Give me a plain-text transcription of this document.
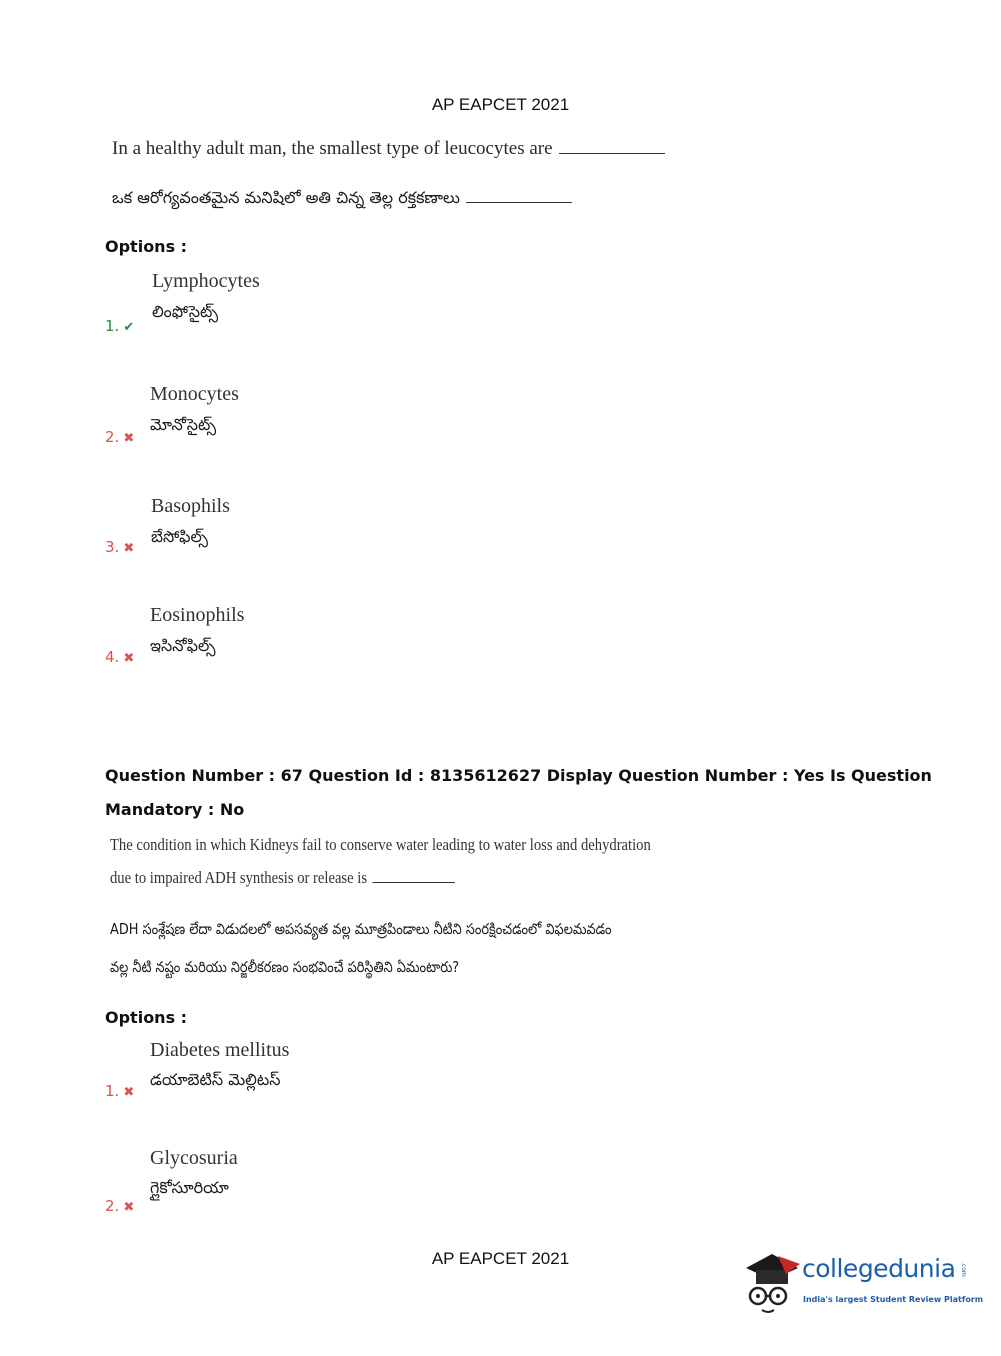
AP EAPCET 2021
In a healthy adult man, the smallest type of leucocytes are
ఒక ఆరోగ్యవంతమైన మనిషిలో అతి చిన్న తెల్ల రక్తకణాలు
Options :
Lymphocytes
లింఫోసైట్స్
1. ✔
Monocytes
మోనోసైట్స్
2. ✖
Basophils
బేసోఫిల్స్
3. ✖
Eosinophils
ఇసినోఫిల్స్
4. ✖
Question Number : 67 Question Id : 8135612627 Display Question Number : Yes Is Question
Mandatory : No
The condition in which Kidneys fail to conserve water leading to water loss and dehydration
due to impaired ADH synthesis or release is
ADH సంశ్లేషణ లేదా విడుదలలో అపసవ్యత వల్ల మూత్రపిండాలు నీటిని సంరక్షించడంలో విఫలమవడం
వల్ల నీటి నష్టం మరియు నిర్జలీకరణం సంభవించే పరిస్థితిని ఏమంటారు?
Options :
Diabetes mellitus
డయాబెటిస్ మెల్లిటస్
1. ✖
Glycosuria
గ్లైకోసూరియా
2. ✖
AP EAPCET 2021	collegedunia .com
India's largest Student Review Platform
